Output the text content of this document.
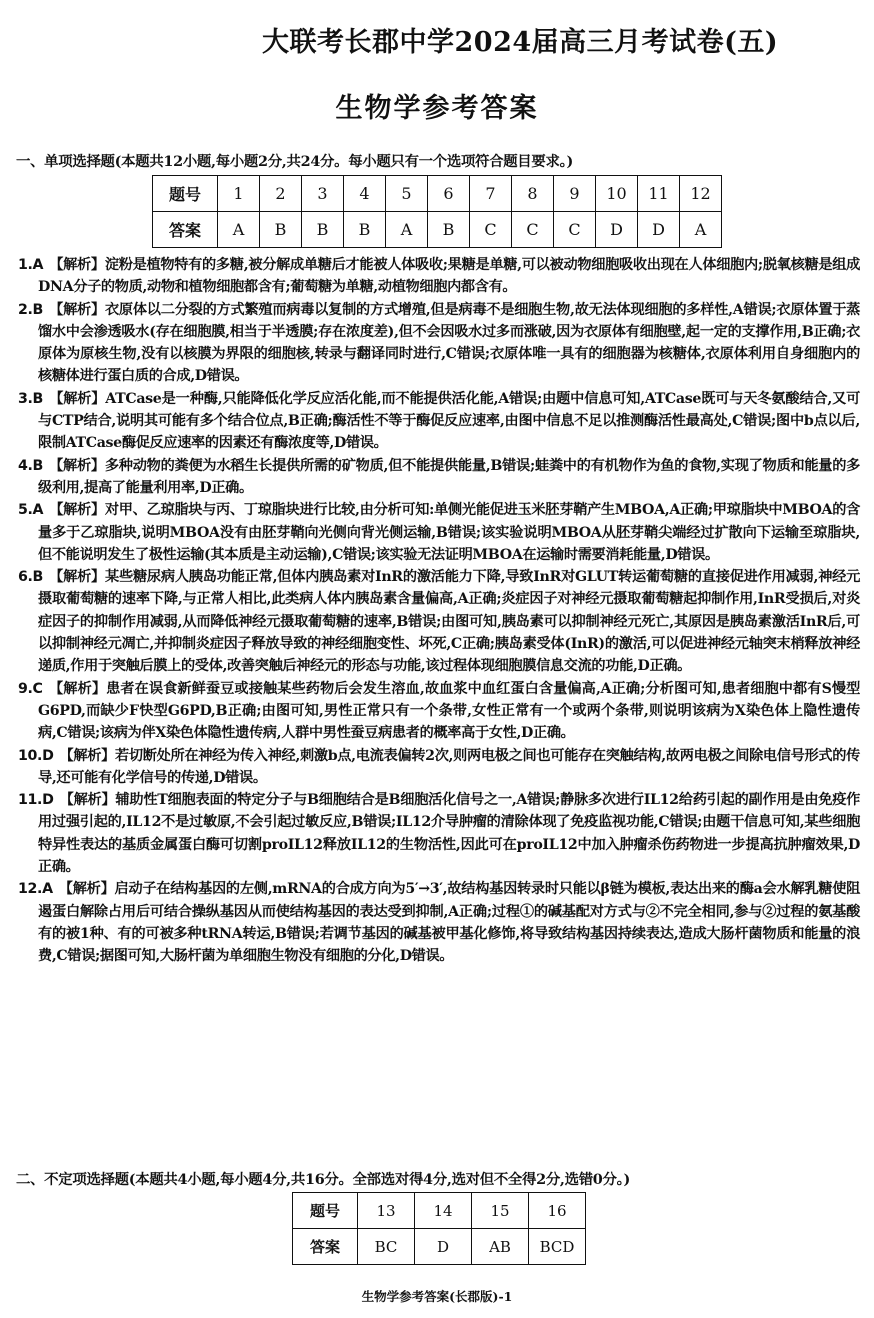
大联考长郡中学2024届高三月考试卷(五)
生物学参考答案
一、单项选择题(本题共12小题,每小题2分,共24分。每小题只有一个选项符合题目要求。)
题号	1	2	3	4	5	6	7	8	9	10	11	12
答案	A	B	B	B	A	B	C	C	C	D	D	A
1.A 【解析】淀粉是植物特有的多糖,被分解成单糖后才能被人体吸收;果糖是单糖,可以被动物细胞吸收出现在人体细胞内;脱氧核糖是组成DNA分子的物质,动物和植物细胞都含有;葡萄糖为单糖,动植物细胞内都含有。
2.B 【解析】衣原体以二分裂的方式繁殖而病毒以复制的方式增殖,但是病毒不是细胞生物,故无法体现细胞的多样性,A错误;衣原体置于蒸馏水中会渗透吸水(存在细胞膜,相当于半透膜;存在浓度差),但不会因吸水过多而涨破,因为衣原体有细胞壁,起一定的支撑作用,B正确;衣原体为原核生物,没有以核膜为界限的细胞核,转录与翻译同时进行,C错误;衣原体唯一具有的细胞器为核糖体,衣原体利用自身细胞内的核糖体进行蛋白质的合成,D错误。
3.B 【解析】ATCase是一种酶,只能降低化学反应活化能,而不能提供活化能,A错误;由题中信息可知,ATCase既可与天冬氨酸结合,又可与CTP结合,说明其可能有多个结合位点,B正确;酶活性不等于酶促反应速率,由图中信息不足以推测酶活性最高处,C错误;图中b点以后,限制ATCase酶促反应速率的因素还有酶浓度等,D错误。
4.B 【解析】多种动物的粪便为水稻生长提供所需的矿物质,但不能提供能量,B错误;蛙粪中的有机物作为鱼的食物,实现了物质和能量的多级利用,提高了能量利用率,D正确。
5.A 【解析】对甲、乙琼脂块与丙、丁琼脂块进行比较,由分析可知:单侧光能促进玉米胚芽鞘产生MBOA,A正确;甲琼脂块中MBOA的含量多于乙琼脂块,说明MBOA没有由胚芽鞘向光侧向背光侧运输,B错误;该实验说明MBOA从胚芽鞘尖端经过扩散向下运输至琼脂块,但不能说明发生了极性运输(其本质是主动运输),C错误;该实验无法证明MBOA在运输时需要消耗能量,D错误。
6.B 【解析】某些糖尿病人胰岛功能正常,但体内胰岛素对InR的激活能力下降,导致InR对GLUT转运葡萄糖的直接促进作用减弱,神经元摄取葡萄糖的速率下降,与正常人相比,此类病人体内胰岛素含量偏高,A正确;炎症因子对神经元摄取葡萄糖起抑制作用,InR受损后,对炎症因子的抑制作用减弱,从而降低神经元摄取葡萄糖的速率,B错误;由图可知,胰岛素可以抑制神经元死亡,其原因是胰岛素激活InR后,可以抑制神经元凋亡,并抑制炎症因子释放导致的神经细胞变性、坏死,C正确;胰岛素受体(InR)的激活,可以促进神经元轴突末梢释放神经递质,作用于突触后膜上的受体,改善突触后神经元的形态与功能,该过程体现细胞膜信息交流的功能,D正确。
9.C 【解析】患者在误食新鲜蚕豆或接触某些药物后会发生溶血,故血浆中血红蛋白含量偏高,A正确;分析图可知,患者细胞中都有S慢型G6PD,而缺少F快型G6PD,B正确;由图可知,男性正常只有一个条带,女性正常有一个或两个条带,则说明该病为X染色体上隐性遗传病,C错误;该病为伴X染色体隐性遗传病,人群中男性蚕豆病患者的概率高于女性,D正确。
10.D 【解析】若切断处所在神经为传入神经,刺激b点,电流表偏转2次,则两电极之间也可能存在突触结构,故两电极之间除电信号形式的传导,还可能有化学信号的传递,D错误。
11.D 【解析】辅助性T细胞表面的特定分子与B细胞结合是B细胞活化信号之一,A错误;静脉多次进行IL12给药引起的副作用是由免疫作用过强引起的,IL12不是过敏原,不会引起过敏反应,B错误;IL12介导肿瘤的清除体现了免疫监视功能,C错误;由题干信息可知,某些细胞特异性表达的基质金属蛋白酶可切割proIL12释放IL12的生物活性,因此可在proIL12中加入肿瘤杀伤药物进一步提高抗肿瘤效果,D正确。
12.A 【解析】启动子在结构基因的左侧,mRNA的合成方向为5′→3′,故结构基因转录时只能以β链为模板,表达出来的酶a会水解乳糖使阻遏蛋白解除占用后可结合操纵基因从而使结构基因的表达受到抑制,A正确;过程①的碱基配对方式与②不完全相同,参与②过程的氨基酸有的被1种、有的可被多种tRNA转运,B错误;若调节基因的碱基被甲基化修饰,将导致结构基因持续表达,造成大肠杆菌物质和能量的浪费,C错误;据图可知,大肠杆菌为单细胞生物没有细胞的分化,D错误。
二、不定项选择题(本题共4小题,每小题4分,共16分。全部选对得4分,选对但不全得2分,选错0分。)
题号	13	14	15	16
答案	BC	D	AB	BCD
生物学参考答案(长郡版)-1
